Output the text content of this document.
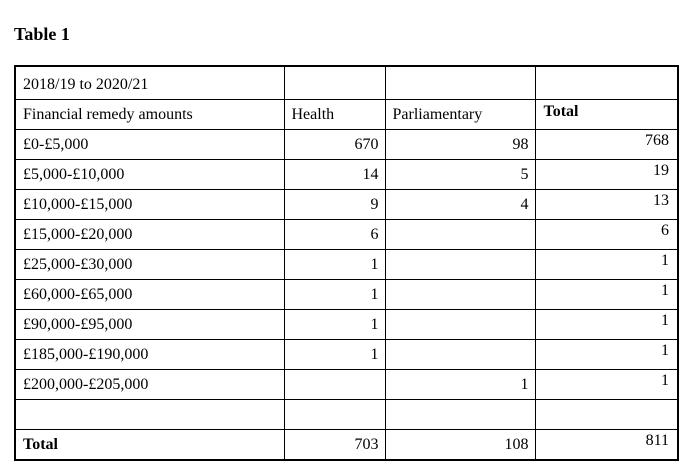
Table 1
2018/19 to 2020/21			
Financial remedy amounts	Health	Parliamentary	Total
£0-£5,000	670	98	768
£5,000-£10,000	14	5	19
£10,000-£15,000	9	4	13
£15,000-£20,000	6		6
£25,000-£30,000	1		1
£60,000-£65,000	1		1
£90,000-£95,000	1		1
£185,000-£190,000	1		1
£200,000-£205,000		1	1

Total	703	108	811
